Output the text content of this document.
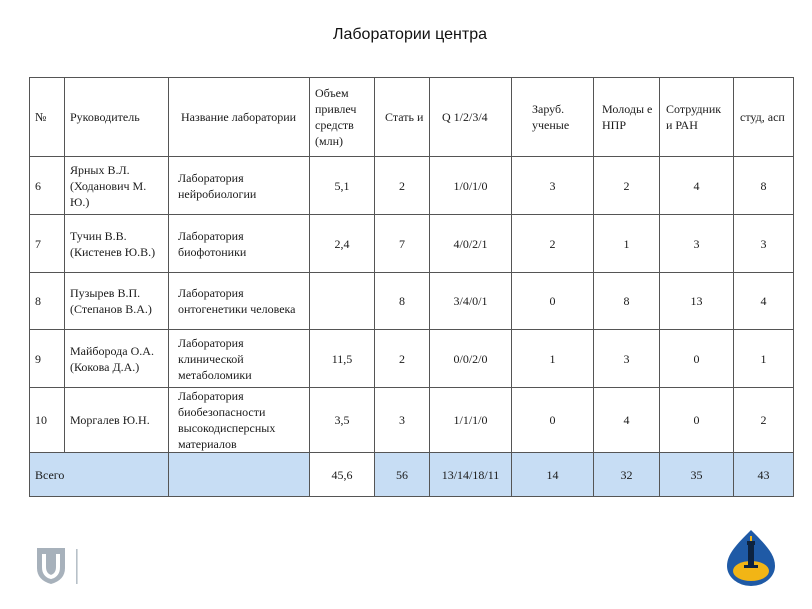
Лаборатории центра
№	Руководитель	Название лаборатории	Объем привлеч средств (млн)	Стать и	Q 1/2/3/4	Заруб. ученые	Молоды е НПР	Сотрудник и РАН	студ, асп
6	Ярных В.Л. (Ходанович М. Ю.)	Лаборатория нейробиологии	5,1	2	1/0/1/0	3	2	4	8
7	Тучин В.В. (Кистенев Ю.В.)	Лаборатория биофотоники	2,4	7	4/0/2/1	2	1	3	3
8	Пузырев В.П. (Степанов В.А.)	Лаборатория онтогенетики человека		8	3/4/0/1	0	8	13	4
9	Майборода О.А. (Кокова Д.А.)	Лаборатория клинической метаболомики	11,5	2	0/0/2/0	1	3	0	1
10	Моргалев Ю.Н.	Лаборатория биобезопасности высокодисперсных материалов	3,5	3	1/1/1/0	0	4	0	2
Всего			45,6	56	13/14/18/11	14	32	35	43
